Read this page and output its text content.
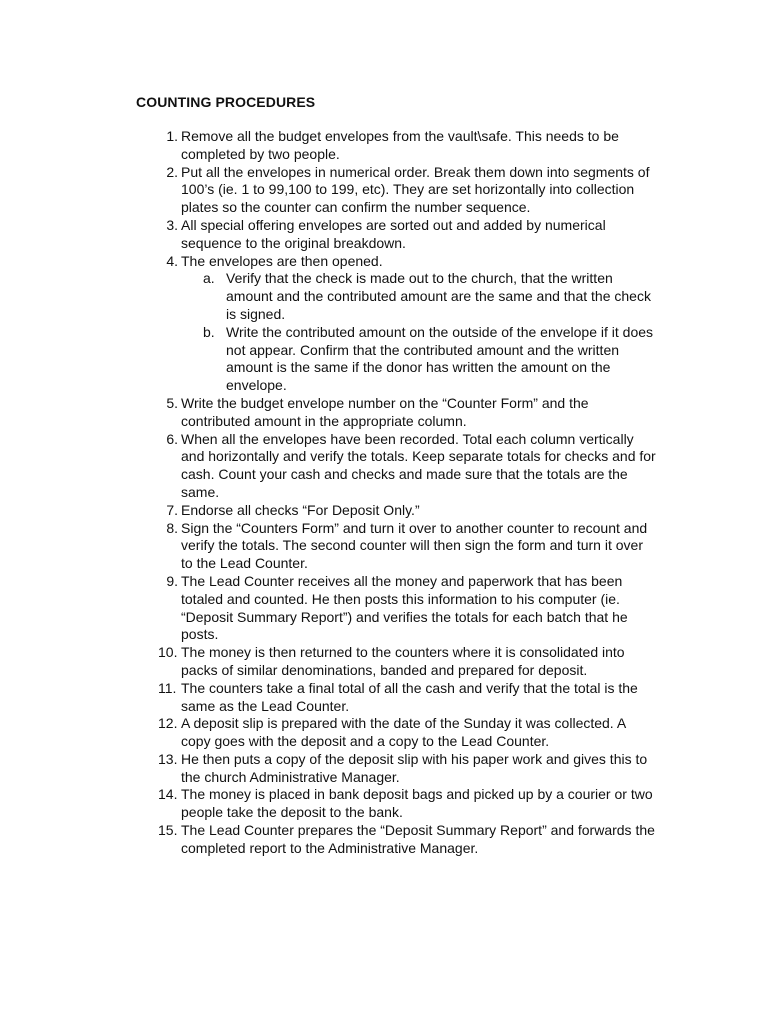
COUNTING PROCEDURES
1. Remove all the budget envelopes from the vault\safe. This needs to be completed by two people.
2. Put all the envelopes in numerical order. Break them down into segments of 100’s (ie. 1 to 99,100 to 199, etc). They are set horizontally into collection plates so the counter can confirm the number sequence.
3. All special offering envelopes are sorted out and added by numerical sequence to the original breakdown.
4. The envelopes are then opened.
a. Verify that the check is made out to the church, that the written amount and the contributed amount are the same and that the check is signed.
b. Write the contributed amount on the outside of the envelope if it does not appear. Confirm that the contributed amount and the written amount is the same if the donor has written the amount on the envelope.
5. Write the budget envelope number on the “Counter Form” and the contributed amount in the appropriate column.
6. When all the envelopes have been recorded. Total each column vertically and horizontally and verify the totals. Keep separate totals for checks and for cash. Count your cash and checks and made sure that the totals are the same.
7. Endorse all checks “For Deposit Only.”
8. Sign the “Counters Form” and turn it over to another counter to recount and verify the totals. The second counter will then sign the form and turn it over to the Lead Counter.
9. The Lead Counter receives all the money and paperwork that has been totaled and counted. He then posts this information to his computer (ie. “Deposit Summary Report”) and verifies the totals for each batch that he posts.
10. The money is then returned to the counters where it is consolidated into packs of similar denominations, banded and prepared for deposit.
11. The counters take a final total of all the cash and verify that the total is the same as the Lead Counter.
12. A deposit slip is prepared with the date of the Sunday it was collected. A copy goes with the deposit and a copy to the Lead Counter.
13. He then puts a copy of the deposit slip with his paper work and gives this to the church Administrative Manager.
14. The money is placed in bank deposit bags and picked up by a courier or two people take the deposit to the bank.
15. The Lead Counter prepares the “Deposit Summary Report” and forwards the completed report to the Administrative Manager.
